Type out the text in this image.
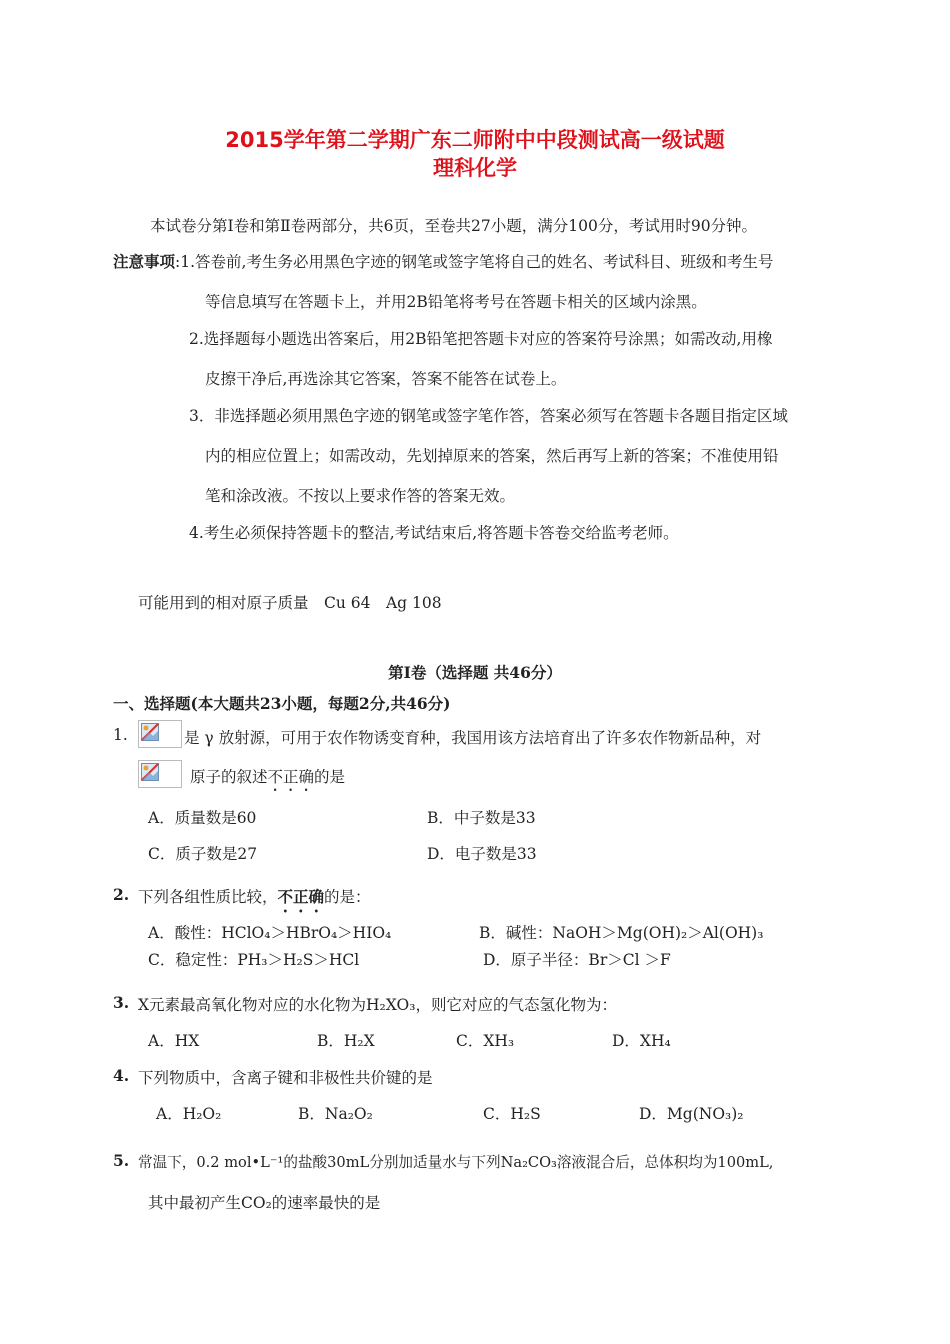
2015学年第二学期广东二师附中中段测试高一级试题
理科化学
本试卷分第Ⅰ卷和第Ⅱ卷两部分，共6页，至卷共27小题，满分100分，考试用时90分钟。
注意事项:1.答卷前,考生务必用黑色字迹的钢笔或签字笔将自己的姓名、考试科目、班级和考生号
等信息填写在答题卡上，并用2B铅笔将考号在答题卡相关的区域内涂黑。
2.选择题每小题选出答案后，用2B铅笔把答题卡对应的答案符号涂黑；如需改动,用橡
皮擦干净后,再选涂其它答案，答案不能答在试卷上。
3．非选择题必须用黑色字迹的钢笔或签字笔作答，答案必须写在答题卡各题目指定区域
内的相应位置上；如需改动，先划掉原来的答案，然后再写上新的答案；不准使用铅
笔和涂改液。不按以上要求作答的答案无效。
4.考生必须保持答题卡的整洁,考试结束后,将答题卡答卷交给监考老师。
可能用到的相对原子质量　Cu 64　Ag 108
第Ⅰ卷（选择题 共46分）
一、选择题(本大题共23小题，每题2分,共46分)
1.	是 γ 放射源，可用于农作物诱变育种，我国用该方法培育出了许多农作物新品种，对
原子的叙述不正确的是
A．质量数是60	B．中子数是33
C．质子数是27	D．电子数是33
2. 下列各组性质比较，不正确的是：
A．酸性：HClO₄＞HBrO₄＞HIO₄	B．碱性：NaOH＞Mg(OH)₂＞Al(OH)₃
C．稳定性：PH₃＞H₂S＞HCl	D．原子半径：Br＞Cl ＞F
3. X元素最高氧化物对应的水化物为H₂XO₃，则它对应的气态氢化物为：
A．HX	B．H₂X	C．XH₃	D．XH₄
4. 下列物质中，含离子键和非极性共价键的是
A．H₂O₂	B．Na₂O₂	C．H₂S	D．Mg(NO₃)₂
5. 常温下，0.2 mol•L⁻¹的盐酸30mL分别加适量水与下列Na₂CO₃溶液混合后，总体积均为100mL,
其中最初产生CO₂的速率最快的是
